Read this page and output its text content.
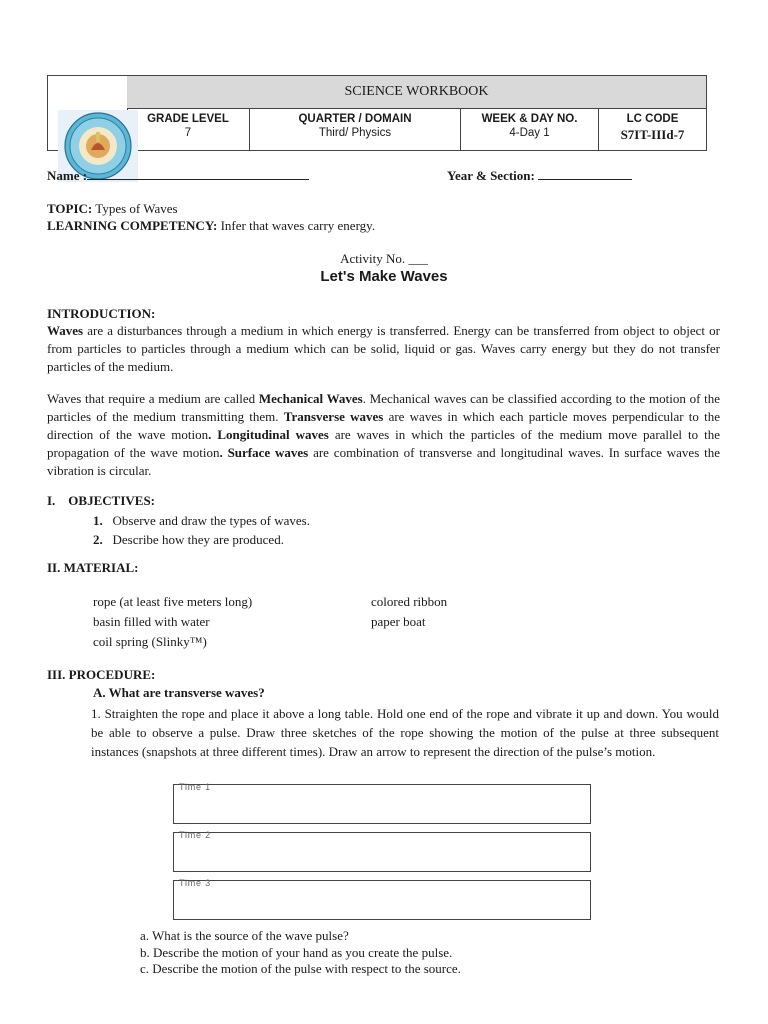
SCIENCE WORKBOOK
GRADE LEVEL
7
QUARTER / DOMAIN
Third/ Physics
WEEK & DAY NO.
4-Day 1
LC CODE
S7IT-IIId-7
Name :	Year & Section:
TOPIC: Types of Waves
LEARNING COMPETENCY: Infer that waves carry energy.
Activity No. ___
Let's Make Waves
INTRODUCTION:
Waves are a disturbances through a medium in which energy is transferred. Energy can be transferred from object to object or from particles to particles through a medium which can be solid, liquid or gas. Waves carry energy but they do not transfer particles of the medium.
Waves that require a medium are called Mechanical Waves. Mechanical waves can be classified according to the motion of the particles of the medium transmitting them. Transverse waves are waves in which each particle moves perpendicular to the direction of the wave motion. Longitudinal waves are waves in which the particles of the medium move parallel to the propagation of the wave motion. Surface waves are combination of transverse and longitudinal waves. In surface waves the vibration is circular.
I.    OBJECTIVES:
1. Observe and draw the types of waves.
2. Describe how they are produced.
II. MATERIAL:
rope (at least five meters long)
basin filled with water
coil spring (Slinky™)
colored ribbon
paper boat
III. PROCEDURE:
A. What are transverse waves?
1. Straighten the rope and place it above a long table. Hold one end of the rope and vibrate it up and down. You would be able to observe a pulse. Draw three sketches of the rope showing the motion of the pulse at three subsequent instances (snapshots at three different times). Draw an arrow to represent the direction of the pulse’s motion.
Time 1
Time 2
Time 3
a. What is the source of the wave pulse?
b. Describe the motion of your hand as you create the pulse.
c. Describe the motion of the pulse with respect to the source.
